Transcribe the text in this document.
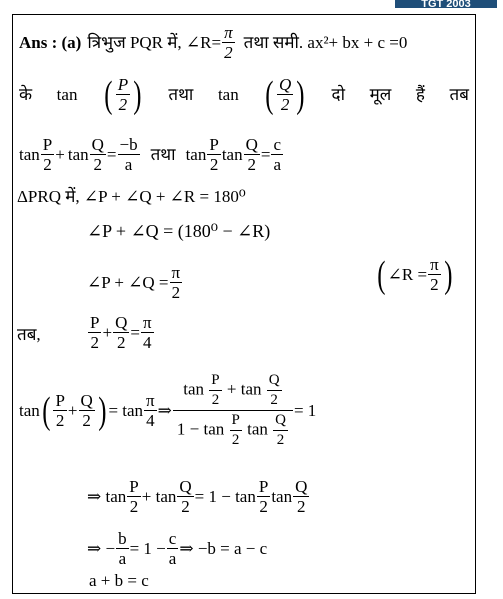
TGT 2003
Ans : (a) त्रिभुज PQR में, ∠R= $\frac{\pi}{2}$ तथा समी. ax²+ bx + c =0
के tan ( $\frac{P}{2}$ ) तथा tan ( $\frac{Q}{2}$ ) दो मूल हैं तब
$\tan \frac{P}{2} + \tan \frac{Q}{2} = \frac{-b}{a}$ तथा $\tan \frac{P}{2}$ $\tan \frac{Q}{2} = \frac{c}{a}$
ΔPRQ में, ∠P + ∠Q + ∠R = 180⁰
∠P + ∠Q = (180⁰ − ∠R)
∠P + ∠Q = $\frac{\pi}{2}$	( ∠R = $\frac{\pi}{2}$ )
तब,	$\frac{P}{2} + \frac{Q}{2} = \frac{\pi}{4}$
tan ( $\frac{P}{2} + \frac{Q}{2}$ ) = $\tan \frac{\pi}{4}$ ⇒ $\frac{\tan \frac{P}{2} + \tan \frac{Q}{2}}{1 - \tan \frac{P}{2} \tan \frac{Q}{2}} = 1$
⇒
$\tan \frac{P}{2}$ +
$\tan \frac{Q}{2} = 1 - \tan \frac{P}{2}$ $\tan \frac{Q}{2}$
⇒ − $\frac{b}{a} = 1 - \frac{c}{a}$ ⇒ −b = a − c
a + b = c
